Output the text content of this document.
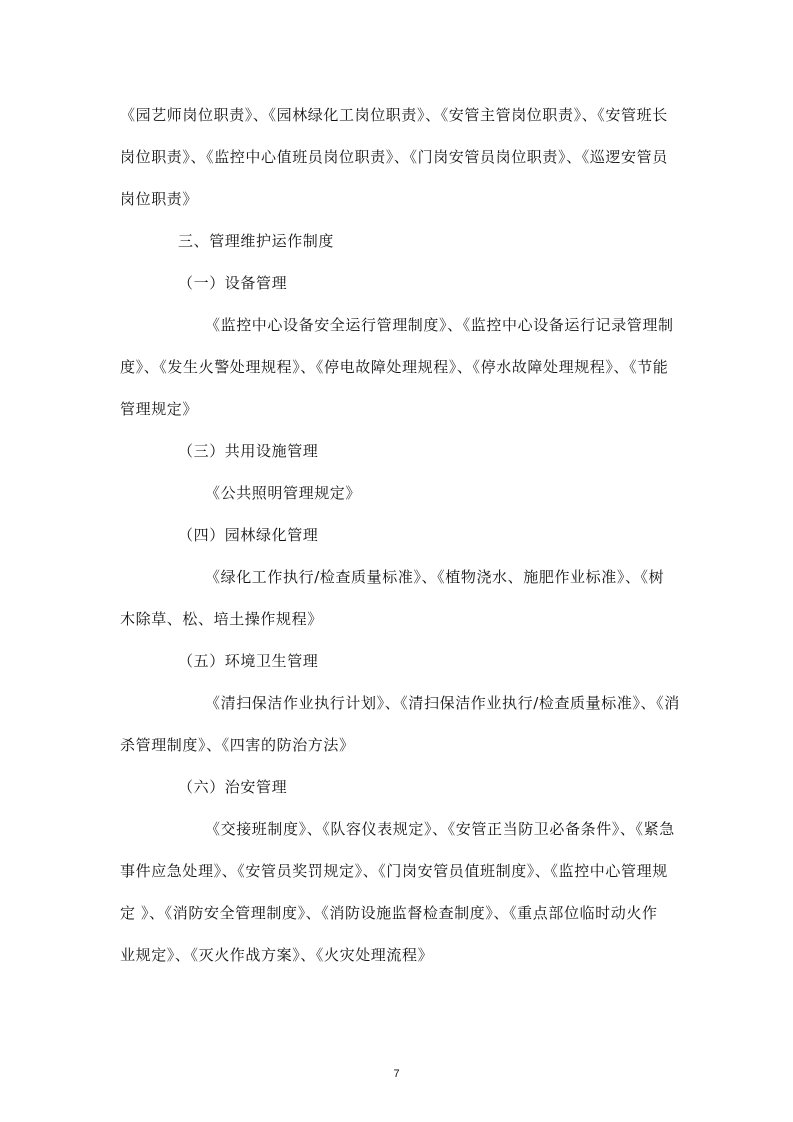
《园艺师岗位职责》、《园林绿化工岗位职责》、《安管主管岗位职责》、《安管班长
岗位职责》、《监控中心值班员岗位职责》、《门岗安管员岗位职责》、《巡逻安管员
岗位职责》
三、管理维护运作制度
（一）设备管理
《监控中心设备安全运行管理制度》、《监控中心设备运行记录管理制
度》、《发生火警处理规程》、《停电故障处理规程》、《停水故障处理规程》、《节能
管理规定》
（三）共用设施管理
《公共照明管理规定》
（四）园林绿化管理
《绿化工作执行/检查质量标准》、《植物浇水、施肥作业标准》、《树
木除草、松、培土操作规程》
（五）环境卫生管理
《清扫保洁作业执行计划》、《清扫保洁作业执行/检查质量标准》、《消
杀管理制度》、《四害的防治方法》
（六）治安管理
《交接班制度》、《队容仪表规定》、《安管正当防卫必备条件》、《紧急
事件应急处理》、《安管员奖罚规定》、《门岗安管员值班制度》、《监控中心管理规
定 》、《消防安全管理制度》、《消防设施监督检查制度》、《重点部位临时动火作
业规定》、《灭火作战方案》、《火灾处理流程》
7
